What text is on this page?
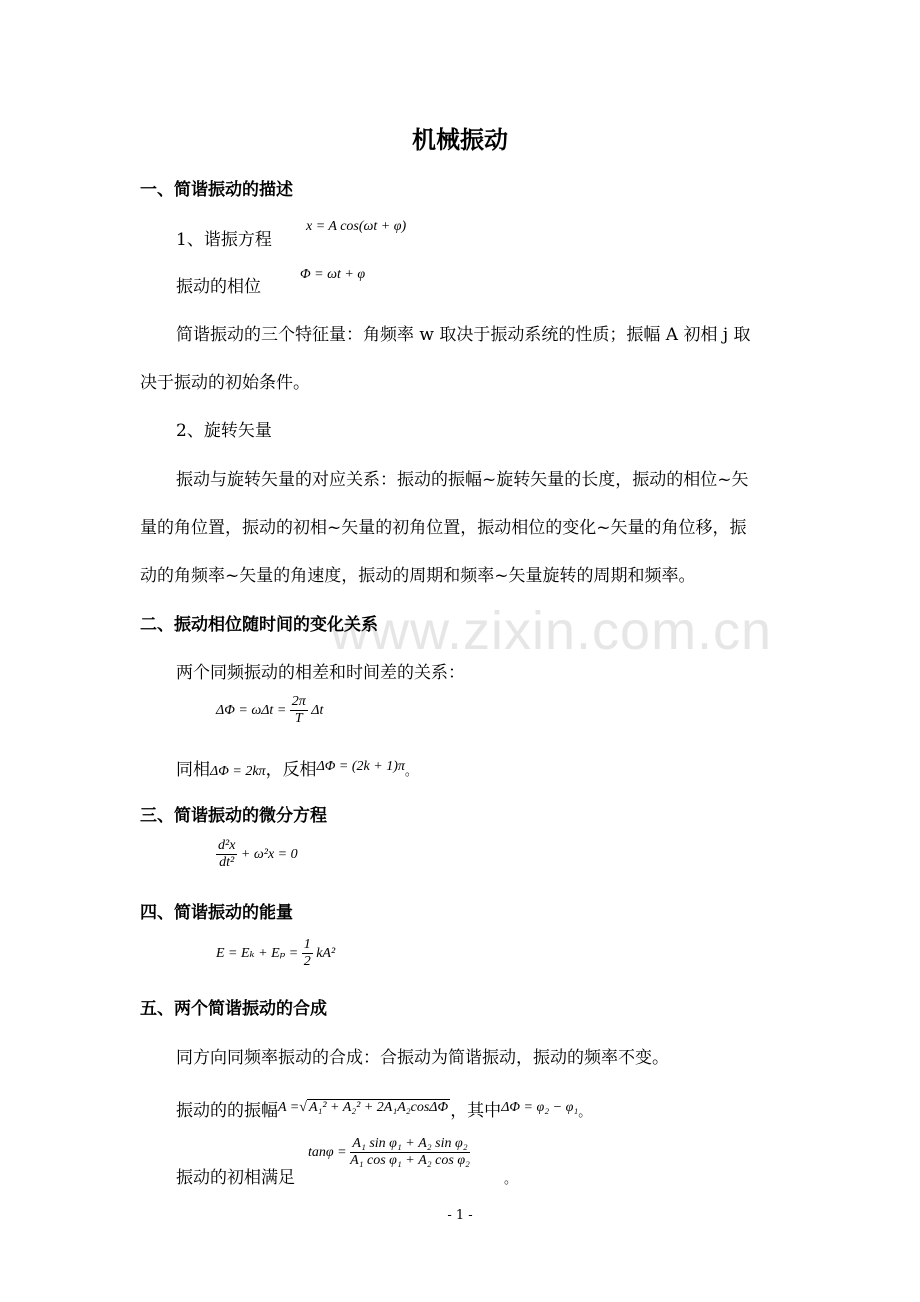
www.zixin.com.cn
机械振动
一、简谐振动的描述
1、谐振方程
x = A cos(ωt + φ)
振动的相位
Φ = ωt + φ
简谐振动的三个特征量：角频率 w 取决于振动系统的性质；振幅 A 初相 j 取
决于振动的初始条件。
2、旋转矢量
振动与旋转矢量的对应关系：振动的振幅~旋转矢量的长度，振动的相位~矢
量的角位置，振动的初相~矢量的初角位置，振动相位的变化~矢量的角位移，振
动的角频率~矢量的角速度，振动的周期和频率~矢量旋转的周期和频率。
二、振动相位随时间的变化关系
两个同频振动的相差和时间差的关系：
$\Delta\Phi = \omega\Delta t = \frac{2\pi}{T}$ Δt
同相ΔΦ = 2kπ，反相$^{\Delta\Phi = (2k + 1)\pi}$。
三、简谐振动的微分方程
$\frac{\text{d²x}}{\text{dt²}} + \omega^2x = 0$
四、简谐振动的能量
$E = E_k + E_p = \frac{1}{2} kA^2$
五、两个简谐振动的合成
同方向同频率振动的合成：合振动为简谐振动，振动的频率不变。
振动的的振幅$^{A =√ A_1^2 + A_2^2 + 2A_1A_2cos\Delta\Phi}$ ，其中$^{\Delta\Phi = \varphi_2 - \varphi_1}$。
振动的初相满足
$\tan\varphi = \frac{\text{A₁ sin φ₁ + A₂ sin φ₂}}{\text{A₁ cos φ₁ + A₂ cos φ₂}}$
。
- 1 -
